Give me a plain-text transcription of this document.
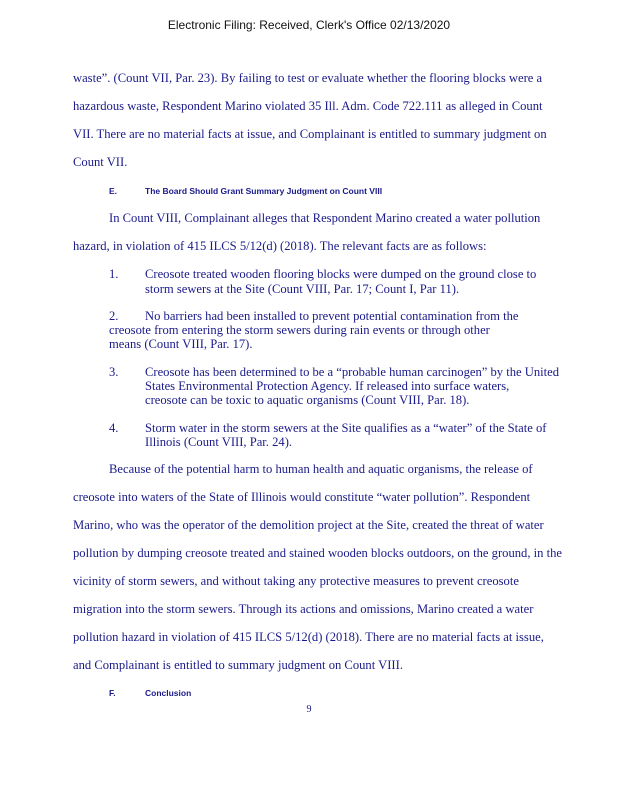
Electronic Filing: Received, Clerk's Office 02/13/2020
waste”. (Count VII, Par. 23). By failing to test or evaluate whether the flooring blocks were a
hazardous waste, Respondent Marino violated 35 Ill. Adm. Code 722.111 as alleged in Count
VII. There are no material facts at issue, and Complainant is entitled to summary judgment on
Count VII.
E.	The Board Should Grant Summary Judgment on Count VIII
In Count VIII, Complainant alleges that Respondent Marino created a water pollution
hazard, in violation of 415 ILCS 5/12(d) (2018). The relevant facts are as follows:
1. Creosote treated wooden flooring blocks were dumped on the ground close to
storm sewers at the Site (Count VIII, Par. 17; Count I, Par 11).
2. No barriers had been installed to prevent potential contamination from the
creosote from entering the storm sewers during rain events or through other
means (Count VIII, Par. 17).
3. Creosote has been determined to be a “probable human carcinogen” by the United
States Environmental Protection Agency. If released into surface waters,
creosote can be toxic to aquatic organisms (Count VIII, Par. 18).
4. Storm water in the storm sewers at the Site qualifies as a “water” of the State of
Illinois (Count VIII, Par. 24).
Because of the potential harm to human health and aquatic organisms, the release of
creosote into waters of the State of Illinois would constitute “water pollution”. Respondent
Marino, who was the operator of the demolition project at the Site, created the threat of water
pollution by dumping creosote treated and stained wooden blocks outdoors, on the ground, in the
vicinity of storm sewers, and without taking any protective measures to prevent creosote
migration into the storm sewers. Through its actions and omissions, Marino created a water
pollution hazard in violation of 415 ILCS 5/12(d) (2018). There are no material facts at issue,
and Complainant is entitled to summary judgment on Count VIII.
F.	Conclusion
9
